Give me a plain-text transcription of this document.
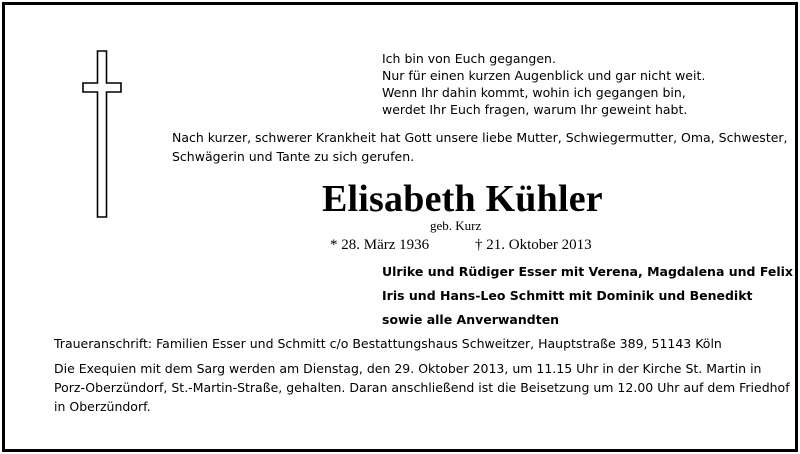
Ich bin von Euch gegangen.
Nur für einen kurzen Augenblick und gar nicht weit.
Wenn Ihr dahin kommt, wohin ich gegangen bin,
werdet Ihr Euch fragen, warum Ihr geweint habt.
Nach kurzer, schwerer Krankheit hat Gott unsere liebe Mutter, Schwiegermutter, Oma, Schwester,
Schwägerin und Tante zu sich gerufen.
Elisabeth Kühler
geb. Kurz
* 28. März 1936	† 21. Oktober 2013
Ulrike und Rüdiger Esser mit Verena, Magdalena und Felix
Iris und Hans-Leo Schmitt mit Dominik und Benedikt
sowie alle Anverwandten
Traueranschrift: Familien Esser und Schmitt c/o Bestattungshaus Schweitzer, Hauptstraße 389, 51143 Köln
Die Exequien mit dem Sarg werden am Dienstag, den 29. Oktober 2013, um 11.15 Uhr in der Kirche St. Martin in
Porz-Oberzündorf, St.-Martin-Straße, gehalten. Daran anschließend ist die Beisetzung um 12.00 Uhr auf dem Friedhof
in Oberzündorf.
